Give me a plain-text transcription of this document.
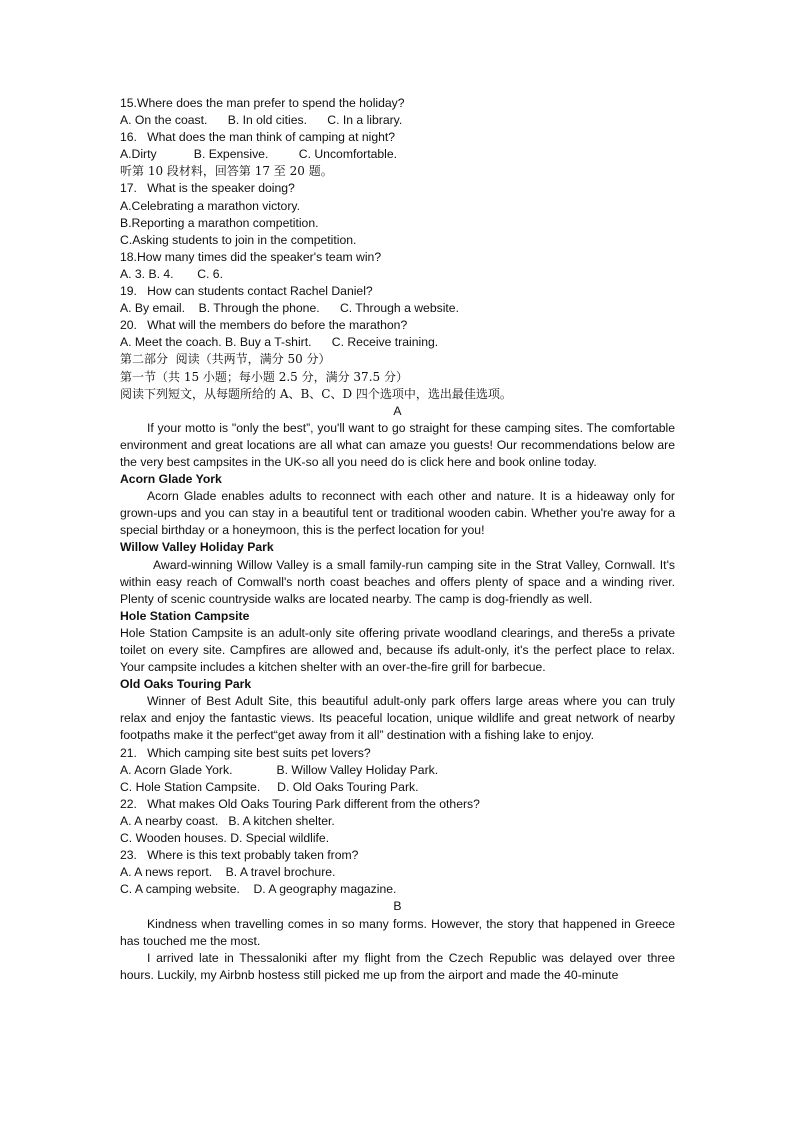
15.Where does the man prefer to spend the holiday?
A. On the coast.      B. In old cities.      C. In a library.
16.   What does the man think of camping at night?
A.Dirty           B. Expensive.         C. Uncomfortable.
听第 10 段材料，回答第 17 至 20 题。
17.   What is the speaker doing?
A.Celebrating a marathon victory.
B.Reporting a marathon competition.
C.Asking students to join in the competition.
18.How many times did the speaker's team win?
A. 3. B. 4.       C. 6.
19.   How can students contact Rachel Daniel?
A. By email.    B. Through the phone.      C. Through a website.
20.   What will the members do before the marathon?
A. Meet the coach. B. Buy a T-shirt.      C. Receive training.
第二部分  阅读（共两节，满分 50 分）
第一节（共 15 小题；每小题 2.5 分，满分 37.5 分）
阅读下列短文，从每题所给的 A、B、C、D 四个选项中，选出最佳选项。
A
If your motto is "only the best”, you'll want to go straight for these camping sites. The comfortable environment and great locations are all what can amaze you guests! Our recommendations below are the very best campsites in the UK-so all you need do is click here and book online today.
Acorn Glade York
Acorn Glade enables adults to reconnect with each other and nature. It is a hideaway only for grown-ups and you can stay in a beautiful tent or traditional wooden cabin. Whether you're away for a special birthday or a honeymoon, this is the perfect location for you!
Willow Valley Holiday Park
Award-winning Willow Valley is a small family-run camping site in the Strat Valley, Cornwall. It's within easy reach of Comwall's north coast beaches and offers plenty of space and a winding river. Plenty of scenic countryside walks are located nearby. The camp is dog-friendly as well.
Hole Station Campsite
Hole Station Campsite is an adult-only site offering private woodland clearings, and there5s a private toilet on every site. Campfires are allowed and, because ifs adult-only, it's the perfect place to relax. Your campsite includes a kitchen shelter with an over-the-fire grill for barbecue.
Old Oaks Touring Park
Winner of Best Adult Site, this beautiful adult-only park offers large areas where you can truly relax and enjoy the fantastic views. Its peaceful location, unique wildlife and great network of nearby footpaths make it the perfect“get away from it all” destination with a fishing lake to enjoy.
21.   Which camping site best suits pet lovers?
A. Acorn Glade York.             B. Willow Valley Holiday Park.
C. Hole Station Campsite.     D. Old Oaks Touring Park.
22.   What makes Old Oaks Touring Park different from the others?
A. A nearby coast.   B. A kitchen shelter.
C. Wooden houses. D. Special wildlife.
23.   Where is this text probably taken from?
A. A news report.    B. A travel brochure.
C. A camping website.    D. A geography magazine.
B
Kindness when travelling comes in so many forms. However, the story that happened in Greece has touched me the most.
I arrived late in Thessaloniki after my flight from the Czech Republic was delayed over three hours. Luckily, my Airbnb hostess still picked me up from the airport and made the 40-minute
